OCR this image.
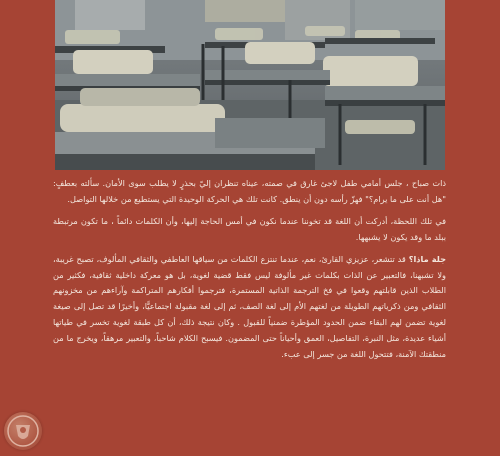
ذات صباح ، جلس أمامي طفل لاجئ غارق في صمته، عيناه تنظران إليّ بحذرٍ لا يطلب سوى الأمان. سألته بعطفٍ: "هل أنت على ما يرام؟" فهزّ رأسه دون أن ينطق. كانت تلك هي الحركة الوحيدة التي يستطيع من خلالها التواصل.

في تلك اللحظة، أدركت أن اللغة قد تخوننا عندما نكون في أمس الحاجة إليها، وأن الكلمات دائماً ، ما تكون مرتبطة ببلد ما وقد يكون لا يشبهها.

جلة ماذا؟ قد تتشعر، عزيزي القارئ، نعم، عندما تنتزع الكلمات من سياقها العاطفي والثقافي المألوف، تصبح غريبة، ولا تشبهنا، فالتعبير عن الذات بكلمات غير مألوفة ليس فقط قضية لغوية، بل هو معركة داخلية ثقافية، فكثير من الطلاب الذين قابلتهم وقعوا في فخ الترجمة الذاتية المستمرة، فترجموا أفكارهم المتراكمة وآراءهم من مخزونهم الثقافي ومن ذكرياتهم الطويلة من لغتهم الأم إلى لغة الصف، ثم إلى لغة مقبولة اجتماعيًّا، وأخيرًا قد تصل إلى صيغة لغوية تضمن لهم البقاء ضمن الحدود المؤطرة ضمنياً للقبول . وكان نتيجة ذلك، أن كل طبقة لغوية تخسر في طياتها أشياء عديدة، مثل النبرة، التفاصيل، العمق وأحياناً حتى المضمون. فيسبح الكلام شاحباً، والتعبير مرهقاً، ويخرج ما من منطقتك الآمنة، فتتحول اللغة من جسر إلى عبء.
